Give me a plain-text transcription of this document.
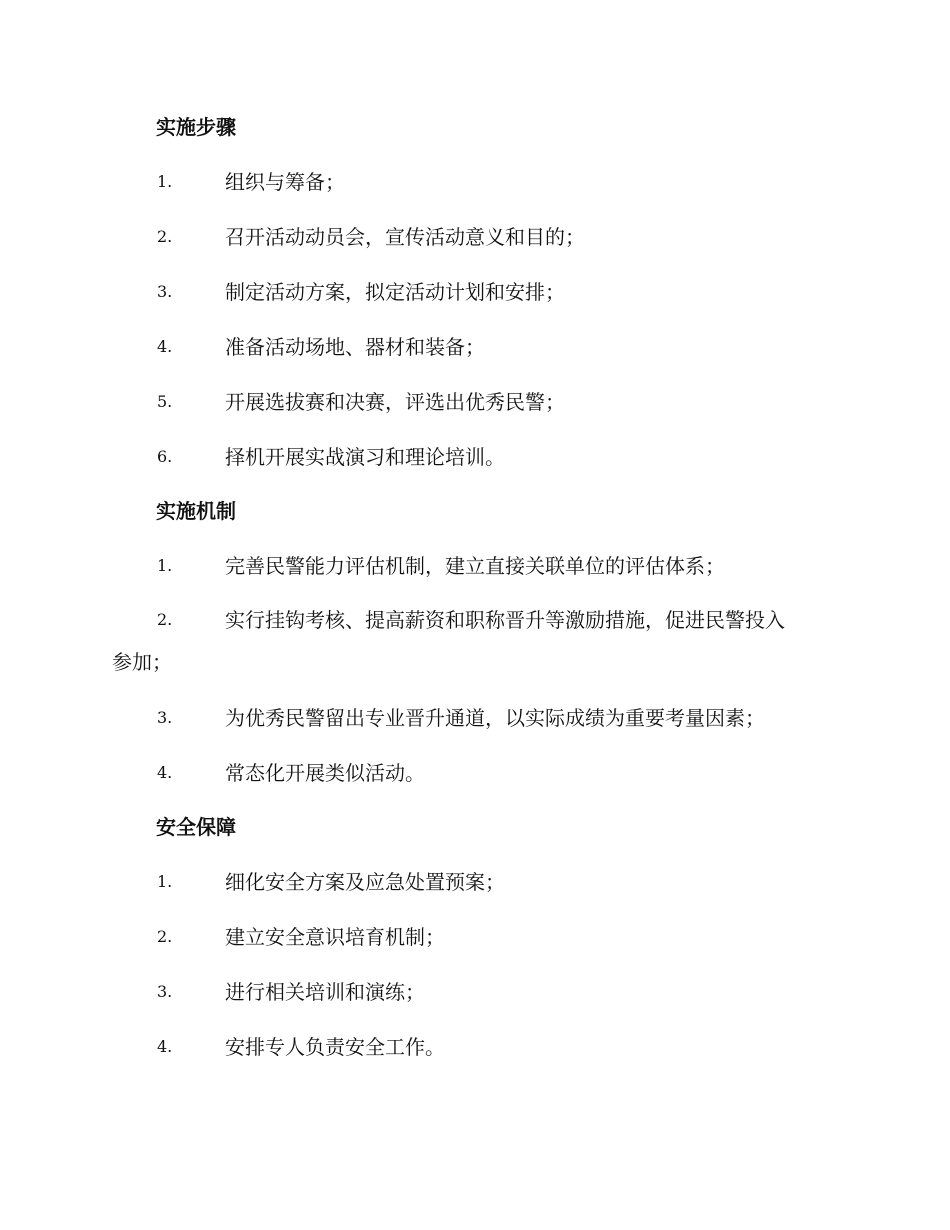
实施步骤
1.	组织与筹备；
2.	召开活动动员会，宣传活动意义和目的；
3.	制定活动方案，拟定活动计划和安排；
4.	准备活动场地、器材和装备；
5.	开展选拔赛和决赛，评选出优秀民警；
6.	择机开展实战演习和理论培训。
实施机制
1.	完善民警能力评估机制，建立直接关联单位的评估体系；
2.	实行挂钩考核、提高薪资和职称晋升等激励措施，促进民警投入
参加；
3.	为优秀民警留出专业晋升通道，以实际成绩为重要考量因素；
4.	常态化开展类似活动。
安全保障
1.	细化安全方案及应急处置预案；
2.	建立安全意识培育机制；
3.	进行相关培训和演练；
4.	安排专人负责安全工作。
